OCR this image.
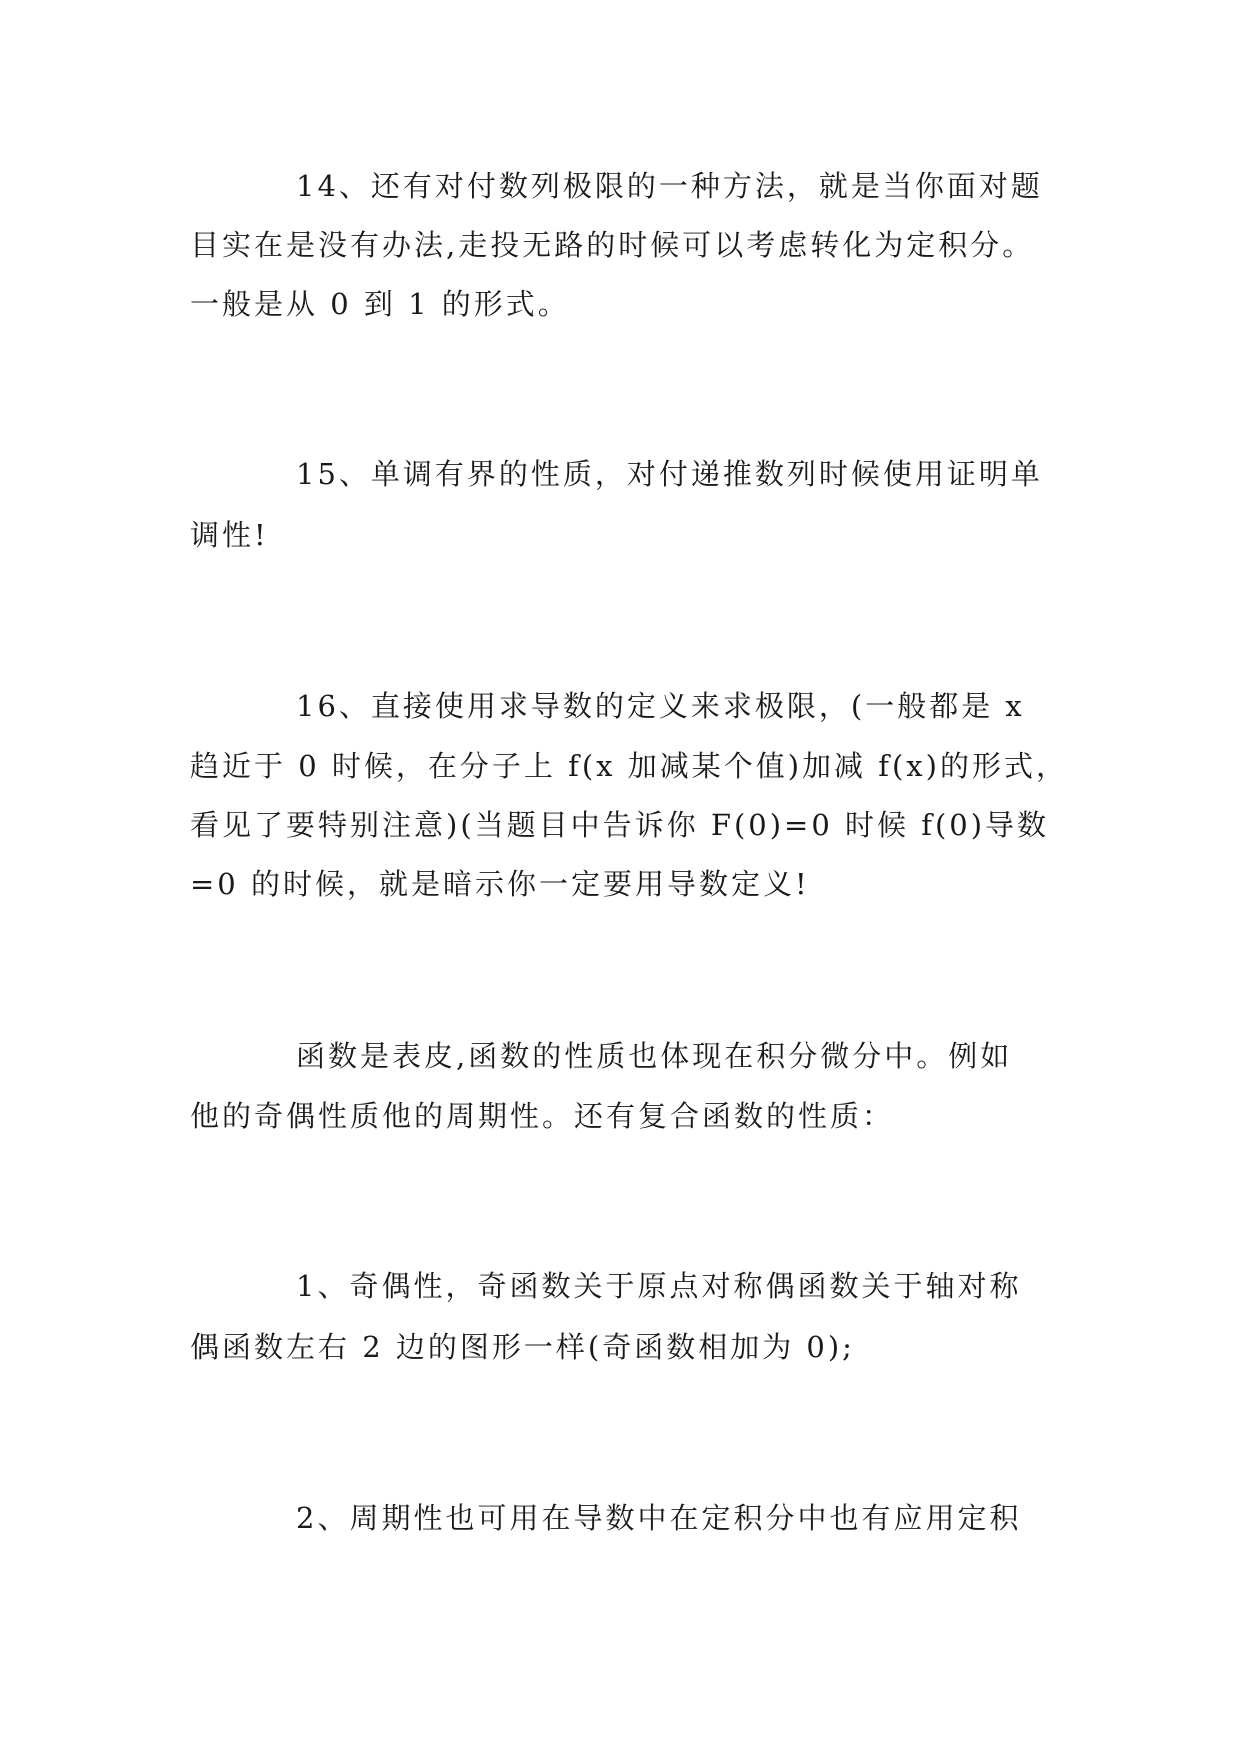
14、还有对付数列极限的一种方法，就是当你面对题
目实在是没有办法,走投无路的时候可以考虑转化为定积分。
一般是从 0 到 1 的形式。
15、单调有界的性质，对付递推数列时候使用证明单
调性!
16、直接使用求导数的定义来求极限，(一般都是 x
趋近于 0 时候，在分子上 f(x 加减某个值)加减 f(x)的形式，
看见了要特别注意)(当题目中告诉你 F(0)=0 时候 f(0)导数
=0 的时候，就是暗示你一定要用导数定义!
函数是表皮,函数的性质也体现在积分微分中。例如
他的奇偶性质他的周期性。还有复合函数的性质：
1、奇偶性，奇函数关于原点对称偶函数关于轴对称
偶函数左右 2 边的图形一样(奇函数相加为 0);
2、周期性也可用在导数中在定积分中也有应用定积
